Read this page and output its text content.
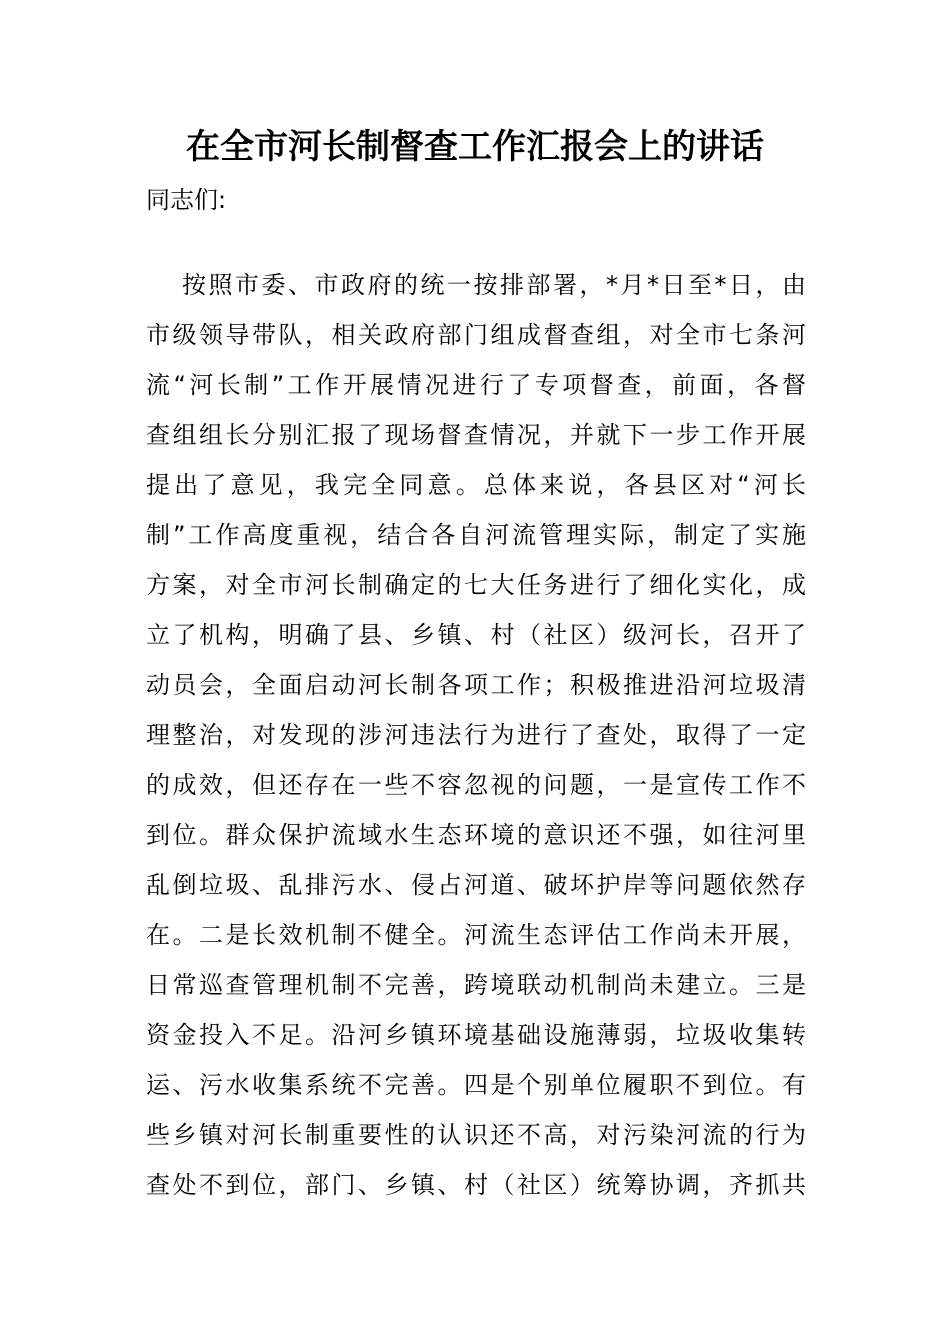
在全市河长制督查工作汇报会上的讲话

同志们:

按照市委、市政府的统一按排部署，*月*日至*日，由
市级领导带队，相关政府部门组成督查组，对全市七条河
流“河长制”工作开展情况进行了专项督查，前面，各督
查组组长分别汇报了现场督查情况，并就下一步工作开展
提出了意见，我完全同意。总体来说，各县区对“河长
制”工作高度重视，结合各自河流管理实际，制定了实施
方案，对全市河长制确定的七大任务进行了细化实化，成
立了机构，明确了县、乡镇、村（社区）级河长，召开了
动员会，全面启动河长制各项工作；积极推进沿河垃圾清
理整治，对发现的涉河违法行为进行了查处，取得了一定
的成效，但还存在一些不容忽视的问题，一是宣传工作不
到位。群众保护流域水生态环境的意识还不强，如往河里
乱倒垃圾、乱排污水、侵占河道、破坏护岸等问题依然存
在。二是长效机制不健全。河流生态评估工作尚未开展，
日常巡查管理机制不完善，跨境联动机制尚未建立。三是
资金投入不足。沿河乡镇环境基础设施薄弱，垃圾收集转
运、污水收集系统不完善。四是个别单位履职不到位。有
些乡镇对河长制重要性的认识还不高，对污染河流的行为
查处不到位，部门、乡镇、村（社区）统筹协调，齐抓共
